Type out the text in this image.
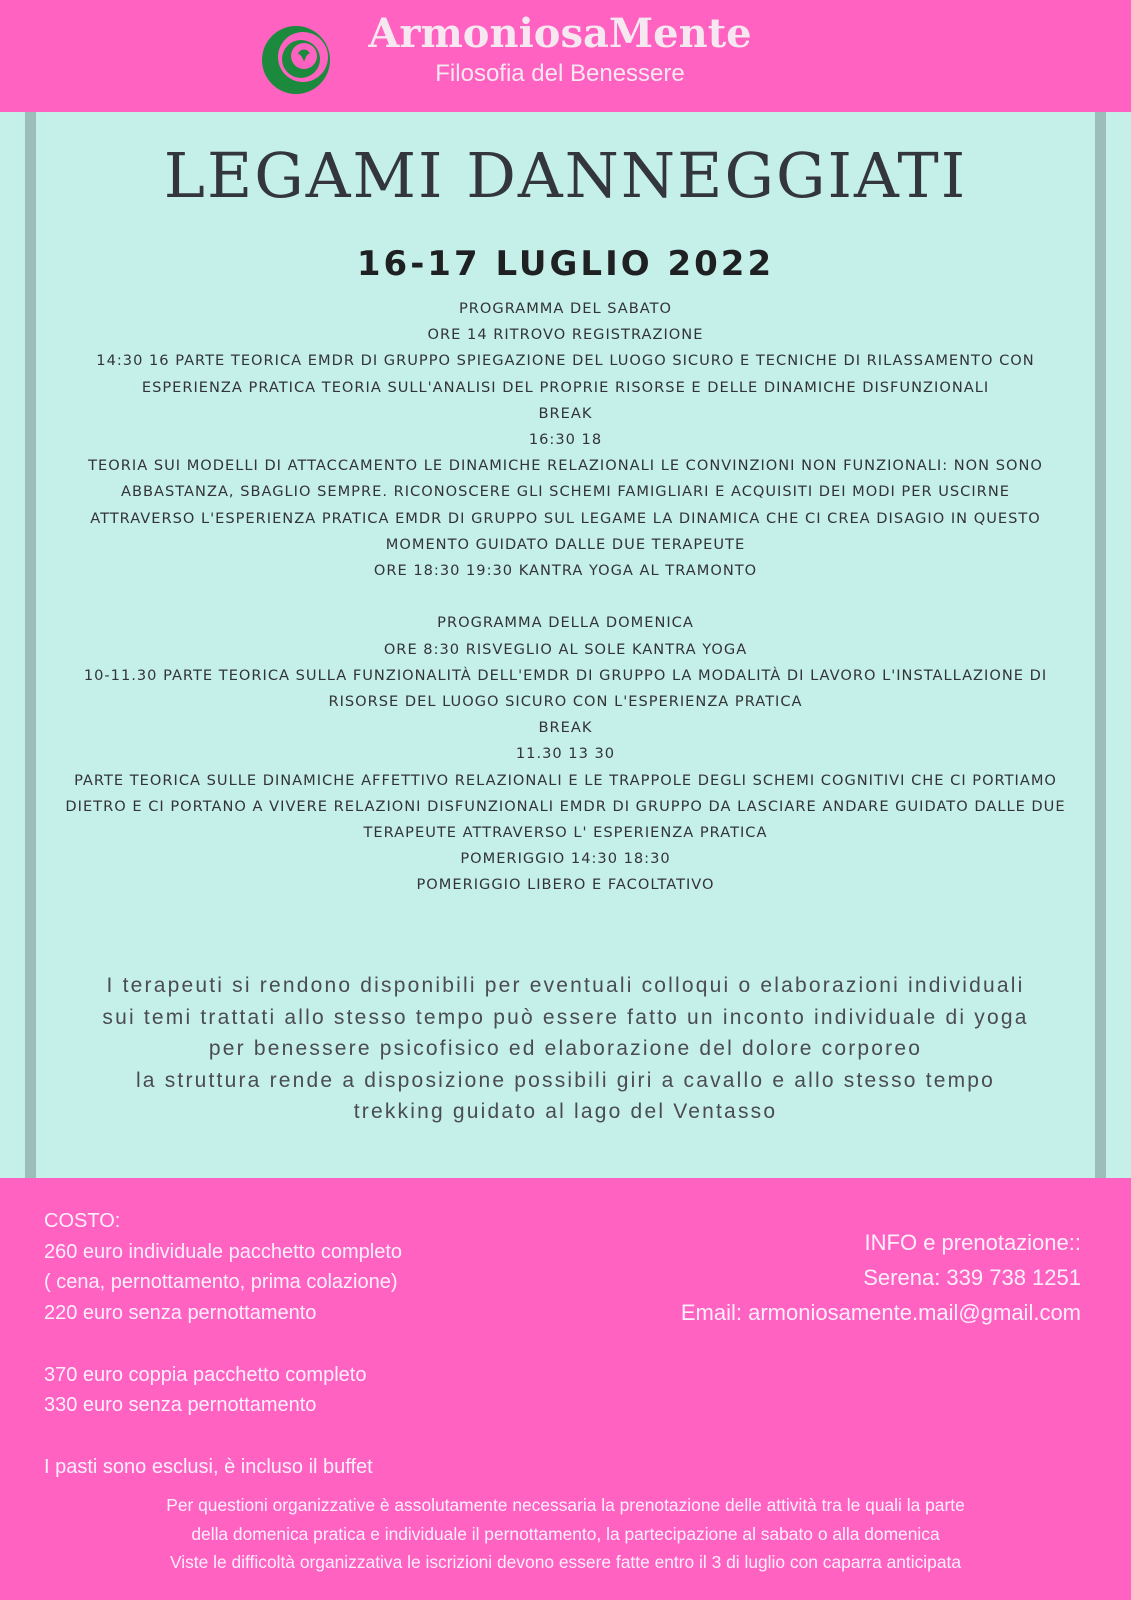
ArmoniosaMente
Filosofia del Benessere
LEGAMI DANNEGGIATI
16-17 LUGLIO 2022
PROGRAMMA DEL SABATO
ORE 14 RITROVO REGISTRAZIONE
14:30 16 PARTE TEORICA EMDR DI GRUPPO SPIEGAZIONE DEL LUOGO SICURO E TECNICHE DI RILASSAMENTO CON
ESPERIENZA PRATICA TEORIA SULL'ANALISI DEL PROPRIE RISORSE E DELLE DINAMICHE DISFUNZIONALI
BREAK
16:30 18
TEORIA SUI MODELLI DI ATTACCAMENTO LE DINAMICHE RELAZIONALI LE CONVINZIONI NON FUNZIONALI: NON SONO
ABBASTANZA, SBAGLIO SEMPRE. RICONOSCERE GLI SCHEMI FAMIGLIARI E ACQUISITI DEI MODI PER USCIRNE
ATTRAVERSO L'ESPERIENZA PRATICA EMDR DI GRUPPO SUL LEGAME LA DINAMICA CHE CI CREA DISAGIO IN QUESTO
MOMENTO GUIDATO DALLE DUE TERAPEUTE
ORE 18:30 19:30 KANTRA YOGA AL TRAMONTO
PROGRAMMA DELLA DOMENICA
ORE 8:30 RISVEGLIO AL SOLE KANTRA YOGA
10-11.30 PARTE TEORICA SULLA FUNZIONALITÀ DELL'EMDR DI GRUPPO LA MODALITÀ DI LAVORO L'INSTALLAZIONE DI
RISORSE DEL LUOGO SICURO CON L'ESPERIENZA PRATICA
BREAK
11.30 13 30
PARTE TEORICA SULLE DINAMICHE AFFETTIVO RELAZIONALI E LE TRAPPOLE DEGLI SCHEMI COGNITIVI CHE CI PORTIAMO
DIETRO E CI PORTANO A VIVERE RELAZIONI DISFUNZIONALI EMDR DI GRUPPO DA LASCIARE ANDARE GUIDATO DALLE DUE
TERAPEUTE ATTRAVERSO L' ESPERIENZA PRATICA
POMERIGGIO 14:30 18:30
POMERIGGIO LIBERO E FACOLTATIVO
I terapeuti si rendono disponibili per eventuali colloqui o elaborazioni individuali
sui temi trattati allo stesso tempo può essere fatto un inconto individuale di yoga
per benessere psicofisico ed elaborazione del dolore corporeo
la struttura rende a disposizione possibili giri a cavallo e allo stesso tempo
trekking guidato al lago del Ventasso
COSTO:
260 euro individuale pacchetto completo
( cena, pernottamento, prima colazione)
220 euro senza pernottamento
370 euro coppia pacchetto completo
330 euro senza pernottamento
I pasti sono esclusi, è incluso il buffet
INFO e prenotazione::
Serena: 339 738 1251
Email: armoniosamente.mail@gmail.com
Per questioni organizzative è assolutamente necessaria la prenotazione delle attività tra le quali la parte
della domenica pratica e individuale il pernottamento, la partecipazione al sabato o alla domenica
Viste le difficoltà organizzativa le iscrizioni devono essere fatte entro il 3 di luglio con caparra anticipata
